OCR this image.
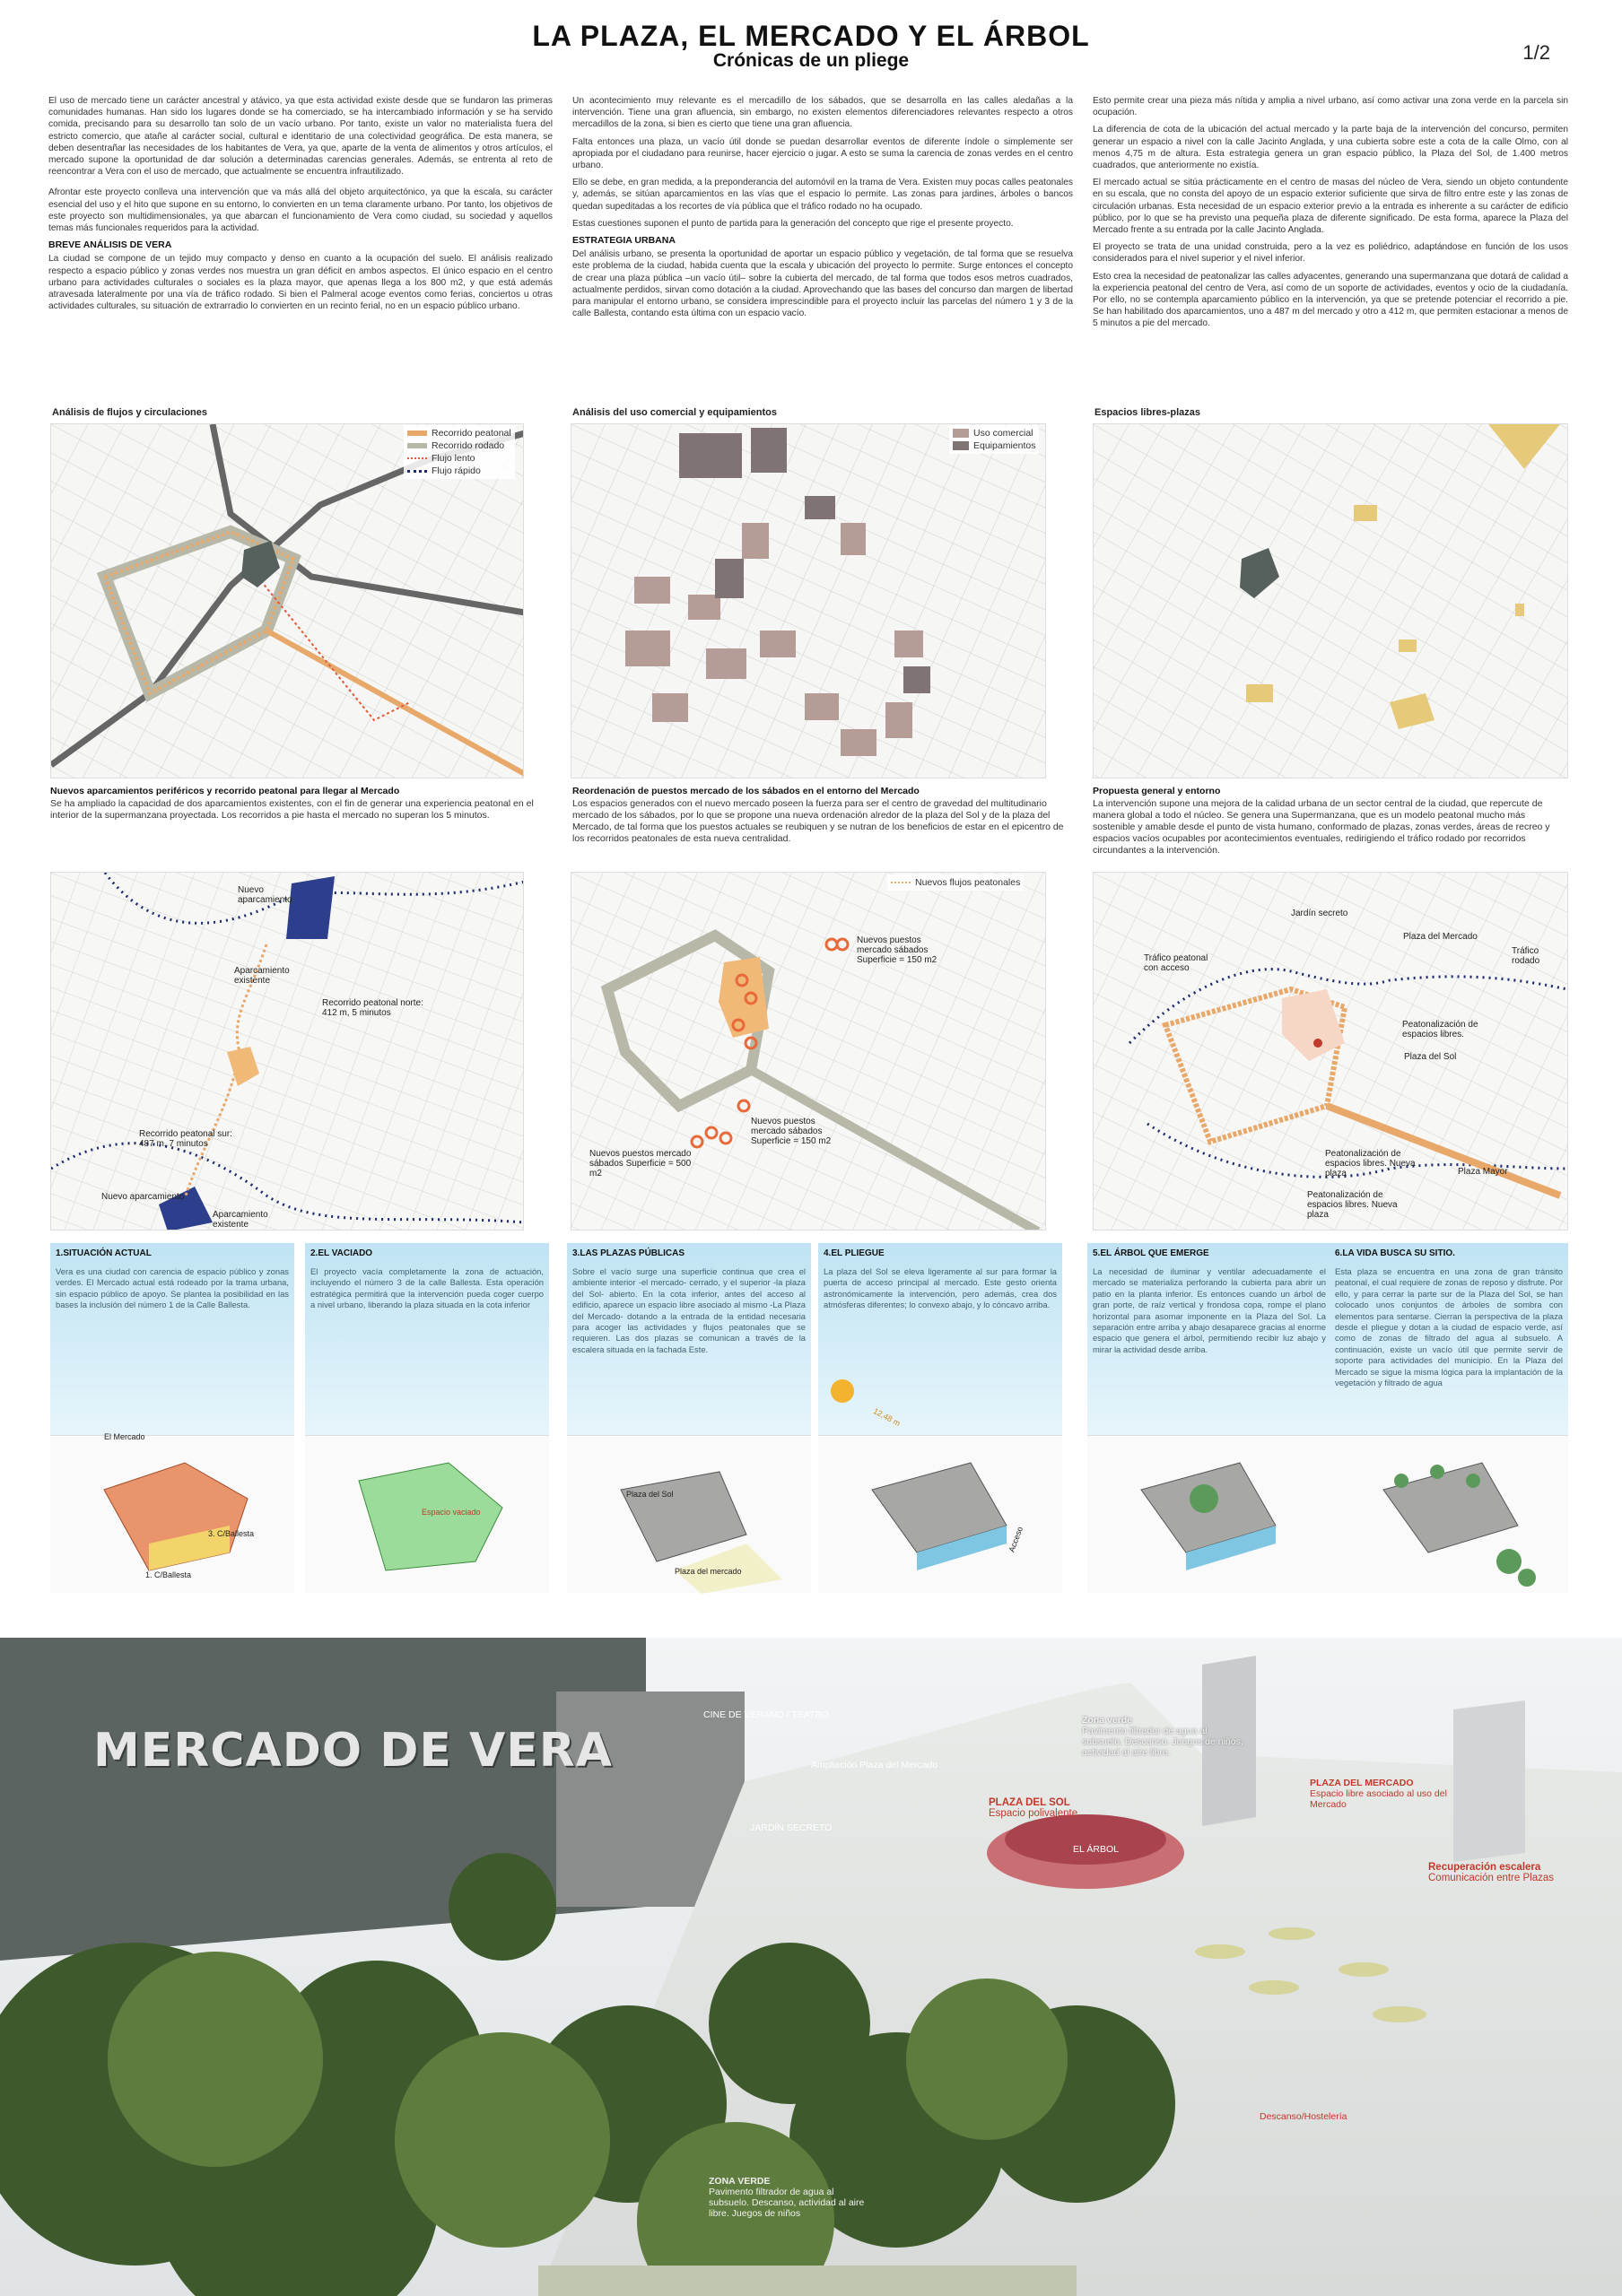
LA PLAZA, EL MERCADO Y EL ÁRBOL
Crónicas de un pliege	1/2

El uso de mercado tiene un carácter ancestral y atávico, ya que esta actividad existe desde que se fundaron las primeras comunidades humanas. Han sido los lugares donde se ha comerciado, se ha intercambiado información y se ha servido comida, precisando para su desarrollo tan solo de un vacío urbano. Por tanto, existe un valor no materialista fuera del estricto comercio, que atañe al carácter social, cultural e identitario de una colectividad geográfica. De esta manera, se deben desentrañar las necesidades de los habitantes de Vera, ya que, aparte de la venta de alimentos y otros artículos, el mercado supone la oportunidad de dar solución a determinadas carencias generales. Además, se entrenta al reto de reencontrar a Vera con el uso de mercado, que actualmente se encuentra infrautilizado.

Afrontar este proyecto conlleva una intervención que va más allá del objeto arquitectónico, ya que la escala, su carácter esencial del uso y el hito que supone en su entorno, lo convierten en un tema claramente urbano. Por tanto, los objetivos de este proyecto son multidimensionales, ya que abarcan el funcionamiento de Vera como ciudad, su sociedad y aquellos temas más funcionales requeridos para la actividad.

BREVE ANÁLISIS DE VERA

La ciudad se compone de un tejido muy compacto y denso en cuanto a la ocupación del suelo. El análisis realizado respecto a espacio público y zonas verdes nos muestra un gran déficit en ambos aspectos. El único espacio en el centro urbano para actividades culturales o sociales es la plaza mayor, que apenas llega a los 800 m2, y que está además atravesada lateralmente por una vía de tráfico rodado. Si bien el Palmeral acoge eventos como ferias, conciertos u otras actividades culturales, su situación de extrarradio lo convierten en un recinto ferial, no en un espacio público urbano.

Un acontecimiento muy relevante es el mercadillo de los sábados, que se desarrolla en las calles aledañas a la intervención. Tiene una gran afluencia, sin embargo, no existen elementos diferenciadores relevantes respecto a otros mercadillos de la zona, si bien es cierto que tiene una gran afluencia.

Falta entonces una plaza, un vacío útil donde se puedan desarrollar eventos de diferente índole o simplemente ser apropiada por el ciudadano para reunirse, hacer ejercicio o jugar. A esto se suma la carencia de zonas verdes en el centro urbano.

Ello se debe, en gran medida, a la preponderancia del automóvil en la trama de Vera. Existen muy pocas calles peatonales y, además, se sitúan aparcamientos en las vías que el espacio lo permite. Las zonas para jardines, árboles o bancos quedan supeditadas a los recortes de vía pública que el tráfico rodado no ha ocupado.

Estas cuestiones suponen el punto de partida para la generación del concepto que rige el presente proyecto.

ESTRATEGIA URBANA

Del análisis urbano, se presenta la oportunidad de aportar un espacio público y vegetación, de tal forma que se resuelva este problema de la ciudad, habida cuenta que la escala y ubicación del proyecto lo permite. Surge entonces el concepto de crear una plaza pública –un vacío útil– sobre la cubierta del mercado, de tal forma que todos esos metros cuadrados, actualmente perdidos, sirvan como dotación a la ciudad. Aprovechando que las bases del concurso dan margen de libertad para manipular el entorno urbano, se considera imprescindible para el proyecto incluir las parcelas del número 1 y 3 de la calle Ballesta, contando esta última con un espacio vacío.

Esto permite crear una pieza más nítida y amplia a nivel urbano, así como activar una zona verde en la parcela sin ocupación.

La diferencia de cota de la ubicación del actual mercado y la parte baja de la intervención del concurso, permiten generar un espacio a nivel con la calle Jacinto Anglada, y una cubierta sobre este a cota de la calle Olmo, con al menos 4,75 m de altura. Esta estrategia genera un gran espacio público, la Plaza del Sol, de 1.400 metros cuadrados, que anteriormente no existía.

El mercado actual se sitúa prácticamente en el centro de masas del núcleo de Vera, siendo un objeto contundente en su escala, que no consta del apoyo de un espacio exterior suficiente que sirva de filtro entre este y las zonas de circulación urbanas. Esta necesidad de un espacio exterior previo a la entrada es inherente a su carácter de edificio público, por lo que se ha previsto una pequeña plaza de diferente significado. De esta forma, aparece la Plaza del Mercado frente a su entrada por la calle Jacinto Anglada.

El proyecto se trata de una unidad construida, pero a la vez es poliédrico, adaptándose en función de los usos considerados para el nivel superior y el nivel inferior.

Esto crea la necesidad de peatonalizar las calles adyacentes, generando una supermanzana que dotará de calidad a la experiencia peatonal del centro de Vera, así como de un soporte de actividades, eventos y ocio de la ciudadanía. Por ello, no se contempla aparcamiento público en la intervención, ya que se pretende potenciar el recorrido a pie. Se han habilitado dos aparcamientos, uno a 487 m del mercado y otro a 412 m, que permiten estacionar a menos de 5 minutos a pie del mercado.

Análisis de flujos y circulaciones
Recorrido peatonal
Recorrido rodado
Flujo lento
Flujo rápido
Análisis del uso comercial y equipamientos
Uso comercial
Equipamientos
Espacios libres-plazas
Nuevos aparcamientos periféricos y recorrido peatonal para llegar al Mercado
Se ha ampliado la capacidad de dos aparcamientos existentes, con el fin de generar una experiencia peatonal en el interior de la supermanzana proyectada. Los recorridos a pie hasta el mercado no superan los 5 minutos.
Reordenación de puestos mercado de los sábados en el entorno del Mercado
Los espacios generados con el nuevo mercado poseen la fuerza para ser el centro de gravedad del multitudinario mercado de los sábados, por lo que se propone una nueva ordenación alredor de la plaza del Sol y de la plaza del Mercado, de tal forma que los puestos actuales se reubiquen y se nutran de los beneficios de estar en el epicentro de los recorridos peatonales de esta nueva centralidad.
Propuesta general y entorno
La intervención supone una mejora de la calidad urbana de un sector central de la ciudad, que repercute de manera global a todo el núcleo. Se genera una Supermanzana, que es un modelo peatonal mucho más sostenible y amable desde el punto de vista humano, conformado de plazas, zonas verdes, áreas de recreo y espacios vacíos ocupables por acontecimientos eventuales, redirigiendo el tráfico rodado por recorridos circundantes a la intervención.
Nuevo aparcamiento
Aparcamiento existente
Recorrido peatonal norte: 412 m, 5 minutos
Recorrido peatonal sur: 487 m, 7 minutos
Nuevo aparcamiento
Aparcamiento existente
Nuevos flujos peatonales
Nuevos puestos mercado sábados Superficie = 150 m2
Nuevos puestos mercado sábados Superficie = 150 m2
Nuevos puestos mercado sábados Superficie = 500 m2
Jardín secreto
Plaza del Mercado
Tráfico rodado
Tráfico peatonal con acceso
Peatonalización de espacios libres.
Plaza del Sol
Peatonalización de espacios libres. Nueva plaza	Plaza Mayor
Peatonalización de espacios libres. Nueva plaza
1.SITUACIÓN ACTUAL
Vera es una ciudad con carencia de espacio público y zonas verdes. El Mercado actual está rodeado por la trama urbana, sin espacio público de apoyo. Se plantea la posibilidad en las bases la inclusión del número 1 de la Calle Ballesta.
El Mercado
3. C/Ballesta
1. C/Ballesta
2.EL VACIADO
El proyecto vacía completamente la zona de actuación, incluyendo el número 3 de la calle Ballesta. Esta operación estratégica permitirá que la intervención pueda coger cuerpo a nivel urbano, liberando la plaza situada en la cota inferior
Espacio vaciado
3.LAS PLAZAS PÚBLICAS
Sobre el vacío surge una superficie continua que crea el ambiente interior -el mercado- cerrado, y el superior -la plaza del Sol- abierto. En la cota inferior, antes del acceso al edificio, aparece un espacio libre asociado al mismo -La Plaza del Mercado- dotando a la entrada de la entidad necesaria para acoger las actividades y flujos peatonales que se requieren. Las dos plazas se comunican a través de la escalera situada en la fachada Este.
Plaza del Sol
Plaza del mercado
4.EL PLIEGUE
La plaza del Sol se eleva ligeramente al sur para formar la puerta de acceso principal al mercado. Este gesto orienta astronómicamente la intervención, pero además, crea dos atmósferas diferentes; lo convexo abajo, y lo cóncavo arriba.
12,48 m
Acceso
5.EL ÁRBOL QUE EMERGE
La necesidad de iluminar y ventilar adecuadamente el mercado se materializa perforando la cubierta para abrir un patio en la planta inferior. Es entonces cuando un árbol de gran porte, de raíz vertical y frondosa copa, rompe el plano horizontal para asomar imponente en la Plaza del Sol. La separación entre arriba y abajo desaparece gracias al enorme espacio que genera el árbol, permitiendo recibir luz abajo y mirar la actividad desde arriba.
6.LA VIDA BUSCA SU SITIO.
Esta plaza se encuentra en una zona de gran tránsito peatonal, el cual requiere de zonas de reposo y disfrute. Por ello, y para cerrar la parte sur de la Plaza del Sol, se han colocado unos conjuntos de árboles de sombra con elementos para sentarse. Cierran la perspectiva de la plaza desde el pliegue y dotan a la ciudad de espacio verde, así como de zonas de filtrado del agua al subsuelo. A continuación, existe un vacío útil que permite servir de soporte para actividades del municipio. En la Plaza del Mercado se sigue la misma lógica para la implantación de la vegetación y filtrado de agua
MERCADO DE VERA
CINE DE VERANO / TEATRO
Ampliación Plaza del Mercado
JARDÍN SECRETO
PLAZA DEL SOL
Espacio polivalente
EL ÁRBOL
Zona verde
Pavimento filtrador de agua al subsuelo. Descanso. Juegos de niños, actividad al aire libre.
PLAZA DEL MERCADO
Espacio libre asociado al uso del Mercado
Recuperación escalera
Comunicación entre Plazas
Descanso/Hostelería
ZONA VERDE
Pavimento filtrador de agua al subsuelo. Descanso, actividad al aire libre. Juegos de niños
